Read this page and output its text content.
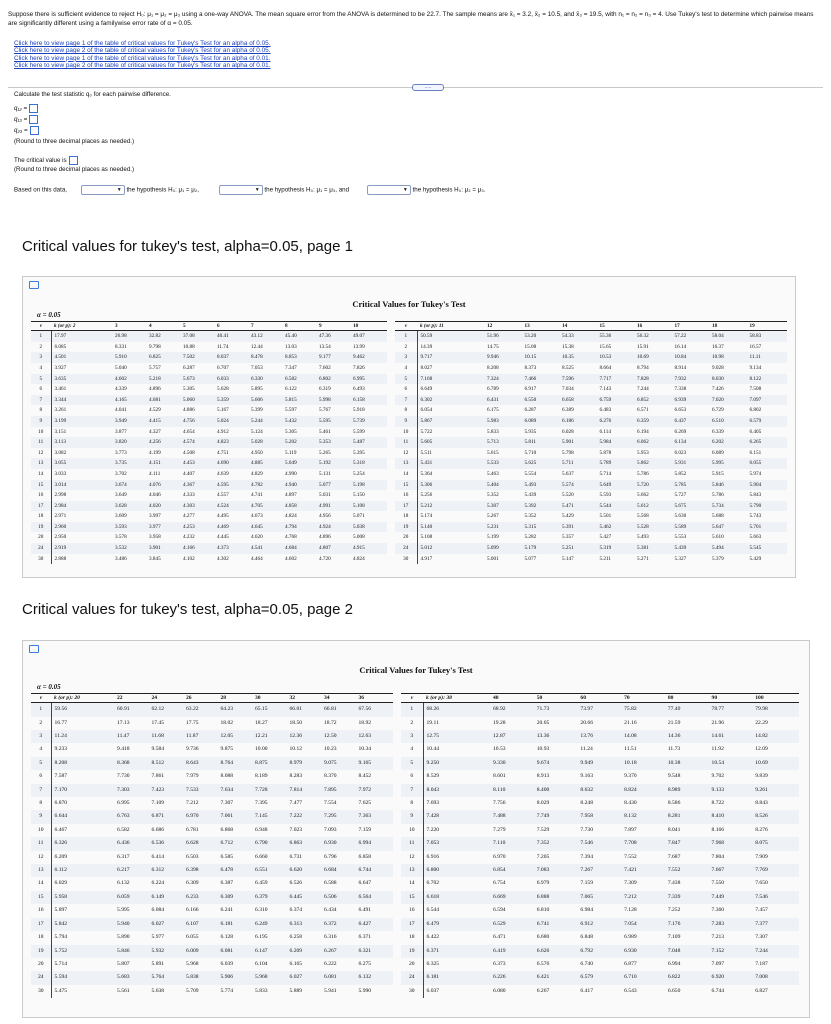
Suppose there is sufficient evidence to reject H₀: μ₁ = μ₂ = μ₃ using a one-way ANOVA. The mean square error from the ANOVA is determined to be 22.7. The sample means are x̄₁ = 3.2, x̄₂ = 10.5, and x̄₃ = 19.5, with n₁ = n₂ = n₃ = 4. Use Tukey's test to determine which pairwise means are significantly different using a familywise error rate of α = 0.05.
Click here to view page 1 of the table of critical values for Tukey's Test for an alpha of 0.05.
Click here to view page 2 of the table of critical values for Tukey's Test for an alpha of 0.05.
Click here to view page 1 of the table of critical values for Tukey's Test for an alpha of 0.01.
Click here to view page 2 of the table of critical values for Tukey's Test for an alpha of 0.01.
.....
Calculate the test statistic q₀ for each pairwise difference.
q₁₂ =
q₁₃ =
q₂₃ =
(Round to three decimal places as needed.)
The critical value is
(Round to three decimal places as needed.)
Based on this data,	▼ the hypothesis H₀: μ₁ = μ₂,	▼ the hypothesis H₀: μ₁ = μ₃, and	▼ the hypothesis H₀: μ₂ = μ₃.
Critical values for tukey's test, alpha=0.05, page 1
Critical Values for Tukey's Test
α = 0.05
ν	k (or p): 2	3	4	5	6	7	8	9	10
1	17.97	26.98	32.82	37.08	40.41	43.12	45.40	47.36	49.07
2	6.085	8.331	9.798	10.88	11.74	12.44	13.03	13.54	13.99
3	4.501	5.910	6.825	7.502	8.037	8.478	8.853	9.177	9.462
4	3.927	5.040	5.757	6.287	6.707	7.053	7.347	7.602	7.826
5	3.635	4.602	5.218	5.673	6.033	6.330	6.582	6.802	6.995
6	3.461	4.339	4.896	5.305	5.628	5.895	6.122	6.319	6.493
7	3.344	4.165	4.681	5.060	5.359	5.606	5.815	5.998	6.158
8	3.261	4.041	4.529	4.886	5.167	5.399	5.597	5.767	5.918
9	3.199	3.949	4.415	4.756	5.024	5.244	5.432	5.595	5.739
10	3.151	3.877	4.327	4.654	4.912	5.124	5.305	5.461	5.599
11	3.113	3.820	4.256	4.574	4.823	5.028	5.202	5.353	5.487
12	3.082	3.773	4.199	4.508	4.751	4.950	5.119	5.265	5.395
13	3.055	3.735	4.151	4.453	4.690	4.885	5.049	5.192	5.318
14	3.033	3.702	4.111	4.407	4.639	4.829	4.990	5.131	5.254
15	3.014	3.674	4.076	4.367	4.595	4.782	4.940	5.077	5.198
16	2.998	3.649	4.046	4.333	4.557	4.741	4.897	5.031	5.150
17	2.984	3.628	4.020	4.303	4.524	4.705	4.858	4.991	5.108
18	2.971	3.609	3.997	4.277	4.495	4.673	4.824	4.956	5.071
19	2.960	3.593	3.977	4.253	4.469	4.645	4.794	4.924	5.038
20	2.950	3.578	3.958	4.232	4.445	4.620	4.768	4.896	5.008
24	2.919	3.532	3.901	4.166	4.373	4.541	4.684	4.807	4.915
30	2.888	3.486	3.845	4.102	4.302	4.464	4.602	4.720	4.824
ν	k (or p): 11	12	13	14	15	16	17	18	19
1	50.59	51.96	53.20	54.33	55.36	56.32	57.22	58.04	58.83
2	14.39	14.75	15.08	15.38	15.65	15.91	16.14	16.37	16.57
3	9.717	9.946	10.15	10.35	10.53	10.69	10.84	10.98	11.11
4	8.027	8.208	8.373	8.525	8.664	8.794	8.914	9.028	9.134
5	7.168	7.324	7.466	7.596	7.717	7.828	7.932	8.030	8.122
6	6.649	6.789	6.917	7.034	7.143	7.244	7.338	7.426	7.508
7	6.302	6.431	6.550	6.658	6.759	6.852	6.939	7.020	7.097
8	6.054	6.175	6.287	6.389	6.483	6.571	6.653	6.729	6.802
9	5.867	5.983	6.089	6.186	6.276	6.359	6.437	6.510	6.579
10	5.722	5.833	5.935	6.028	6.114	6.194	6.269	6.339	6.405
11	5.605	5.713	5.811	5.901	5.984	6.062	6.134	6.202	6.265
12	5.511	5.615	5.710	5.798	5.878	5.953	6.023	6.089	6.151
13	5.431	5.533	5.625	5.711	5.789	5.862	5.931	5.995	6.055
14	5.364	5.463	5.554	5.637	5.714	5.786	5.852	5.915	5.974
15	5.306	5.404	5.493	5.574	5.649	5.720	5.785	5.846	5.904
16	5.256	5.352	5.439	5.520	5.593	5.662	5.727	5.786	5.843
17	5.212	5.307	5.392	5.471	5.544	5.612	5.675	5.734	5.790
18	5.174	5.267	5.352	5.429	5.501	5.568	5.630	5.688	5.743
19	5.140	5.231	5.315	5.391	5.462	5.528	5.589	5.647	5.701
20	5.108	5.199	5.282	5.357	5.427	5.493	5.553	5.610	5.663
24	5.012	5.099	5.179	5.251	5.319	5.381	5.439	5.494	5.545
30	4.917	5.001	5.077	5.147	5.211	5.271	5.327	5.379	5.429
Critical values for tukey's test, alpha=0.05, page 2
Critical Values for Tukey's Test
α = 0.05
ν	k (or p): 20	22	24	26	28	30	32	34	36
1	59.56	60.91	62.12	63.22	64.23	65.15	66.01	66.81	67.56
2	16.77	17.13	17.45	17.75	18.02	18.27	18.50	18.72	18.92
3	11.24	11.47	11.68	11.87	12.05	12.21	12.36	12.50	12.63
4	9.233	9.418	9.584	9.736	9.875	10.00	10.12	10.23	10.34
5	8.208	8.368	8.512	8.643	8.764	8.875	8.979	9.075	9.165
6	7.587	7.730	7.861	7.979	8.088	8.189	8.283	8.370	8.452
7	7.170	7.303	7.423	7.533	7.634	7.728	7.814	7.895	7.972
8	6.870	6.995	7.109	7.212	7.307	7.395	7.477	7.554	7.625
9	6.644	6.763	6.871	6.970	7.061	7.145	7.222	7.295	7.363
10	6.467	6.582	6.686	6.781	6.868	6.948	7.023	7.093	7.159
11	6.326	6.436	6.536	6.628	6.712	6.790	6.863	6.930	6.994
12	6.209	6.317	6.414	6.503	6.585	6.660	6.731	6.796	6.858
13	6.112	6.217	6.312	6.398	6.478	6.551	6.620	6.684	6.744
14	6.029	6.132	6.224	6.309	6.387	6.459	6.526	6.588	6.647
15	5.958	6.059	6.149	6.233	6.309	6.379	6.445	6.506	6.564
16	5.897	5.995	6.084	6.166	6.241	6.310	6.374	6.434	6.491
17	5.842	5.940	6.027	6.107	6.181	6.249	6.313	6.372	6.427
18	5.794	5.890	5.977	6.055	6.128	6.195	6.258	6.316	6.371
19	5.752	5.846	5.932	6.009	6.081	6.147	6.209	6.267	6.321
20	5.714	5.807	5.891	5.968	6.039	6.104	6.165	6.222	6.275
24	5.594	5.683	5.764	5.838	5.906	5.968	6.027	6.081	6.132
30	5.475	5.561	5.638	5.709	5.774	5.833	5.889	5.941	5.990
ν	k (or p): 38	40	50	60	70	80	90	100
1	68.26	68.92	71.73	73.97	75.82	77.40	78.77	79.98
2	19.11	19.28	20.05	20.66	21.16	21.59	21.96	22.29
3	12.75	12.87	13.36	13.76	14.08	14.36	14.61	14.82
4	10.44	10.53	10.93	11.24	11.51	11.73	11.92	12.09
5	9.250	9.330	9.674	9.949	10.18	10.38	10.54	10.69
6	8.529	8.601	8.913	9.163	9.370	9.548	9.702	9.839
7	8.043	8.110	8.400	8.632	8.824	8.989	9.133	9.261
8	7.693	7.756	8.029	8.248	8.430	8.586	8.722	8.843
9	7.428	7.488	7.749	7.958	8.132	8.281	8.410	8.526
10	7.220	7.279	7.529	7.730	7.897	8.041	8.166	8.276
11	7.053	7.110	7.352	7.546	7.708	7.847	7.968	8.075
12	6.916	6.970	7.205	7.394	7.552	7.687	7.804	7.909
13	6.800	6.854	7.083	7.267	7.421	7.552	7.667	7.769
14	6.702	6.754	6.979	7.159	7.309	7.438	7.550	7.650
15	6.618	6.669	6.888	7.065	7.212	7.339	7.449	7.546
16	6.544	6.594	6.810	6.984	7.128	7.252	7.360	7.457
17	6.479	6.529	6.741	6.912	7.054	7.176	7.283	7.377
18	6.422	6.471	6.680	6.848	6.989	7.109	7.213	7.307
19	6.371	6.419	6.626	6.792	6.930	7.048	7.152	7.244
20	6.325	6.373	6.576	6.740	6.877	6.994	7.097	7.187
24	6.181	6.226	6.421	6.579	6.710	6.822	6.920	7.008
30	6.037	6.080	6.267	6.417	6.543	6.650	6.744	6.827
